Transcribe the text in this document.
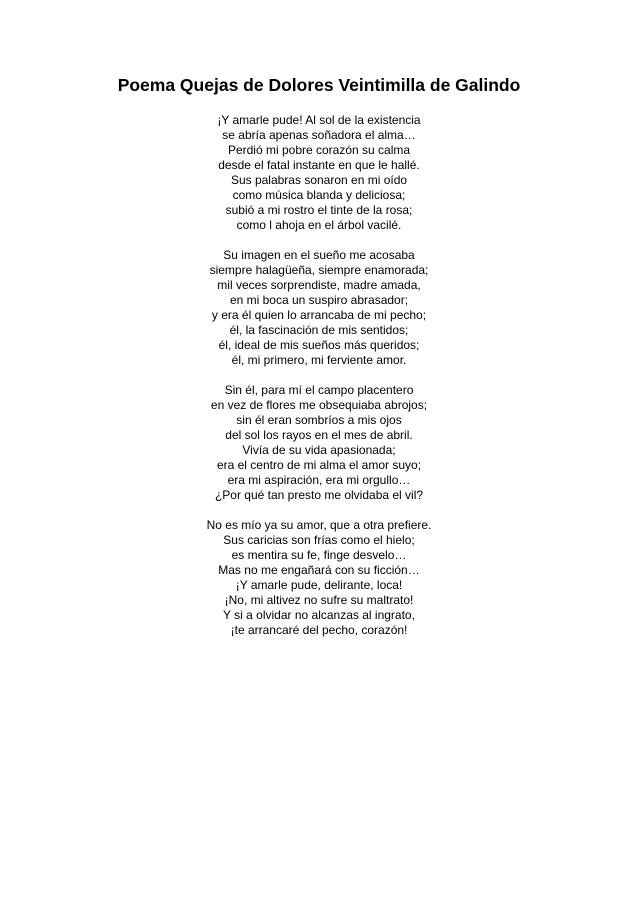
Poema Quejas de Dolores Veintimilla de Galindo
¡Y amarle pude! Al sol de la existencia
se abría apenas soñadora el alma…
Perdió mi pobre corazón su calma
desde el fatal instante en que le hallé.
Sus palabras sonaron en mi oído
como música blanda y deliciosa;
subió a mi rostro el tinte de la rosa;
como l ahoja en el árbol vacilé.
Su imagen en el sueño me acosaba
siempre halagüeña, siempre enamorada;
mil veces sorprendiste, madre amada,
en mi boca un suspiro abrasador;
y era él quien lo arrancaba de mi pecho;
él, la fascinación de mis sentidos;
él, ideal de mis sueños más queridos;
él, mi primero, mi ferviente amor.
Sin él, para mí el campo placentero
en vez de flores me obsequiaba abrojos;
sin él eran sombríos a mis ojos
del sol los rayos en el mes de abril.
Vivía de su vida apasionada;
era el centro de mi alma el amor suyo;
era mi aspiración, era mi orgullo…
¿Por qué tan presto me olvidaba el vil?
No es mío ya su amor, que a otra prefiere.
Sus caricias son frías como el hielo;
es mentira su fe, finge desvelo…
Mas no me engañará con su ficción…
¡Y amarle pude, delirante, loca!
¡No, mi altivez no sufre su maltrato!
Y si a olvidar no alcanzas al ingrato,
¡te arrancaré del pecho, corazón!
